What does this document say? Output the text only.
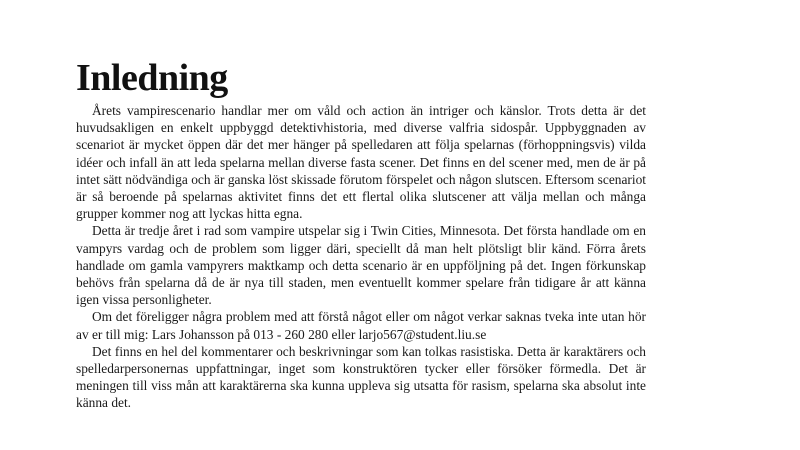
Inledning

Årets vampirescenario handlar mer om våld och action än intriger och känslor. Trots detta är det huvudsakligen en enkelt uppbyggd detektivhistoria, med diverse valfria sidospår. Uppbyggnaden av scenariot är mycket öppen där det mer hänger på spelledaren att följa spelarnas (förhoppningsvis) vilda idéer och infall än att leda spelarna mellan diverse fasta scener. Det finns en del scener med, men de är på intet sätt nödvändiga och är ganska löst skissade förutom förspelet och någon slutscen. Eftersom scenariot är så beroende på spelarnas aktivitet finns det ett flertal olika slutscener att välja mellan och många grupper kommer nog att lyckas hitta egna.

Detta är tredje året i rad som vampire utspelar sig i Twin Cities, Minnesota. Det första handlade om en vampyrs vardag och de problem som ligger däri, speciellt då man helt plötsligt blir känd. Förra årets handlade om gamla vampyrers maktkamp och detta scenario är en uppföljning på det. Ingen förkunskap behövs från spelarna då de är nya till staden, men eventuellt kommer spelare från tidigare år att känna igen vissa personligheter.

Om det föreligger några problem med att förstå något eller om något verkar saknas tveka inte utan hör av er till mig: Lars Johansson på 013 - 260 280 eller larjo567@student.liu.se

Det finns en hel del kommentarer och beskrivningar som kan tolkas rasistiska. Detta är karaktärers och spelledarpersonernas uppfattningar, inget som konstruktören tycker eller försöker förmedla. Det är meningen till viss mån att karaktärerna ska kunna uppleva sig utsatta för rasism, spelarna ska absolut inte känna det.
